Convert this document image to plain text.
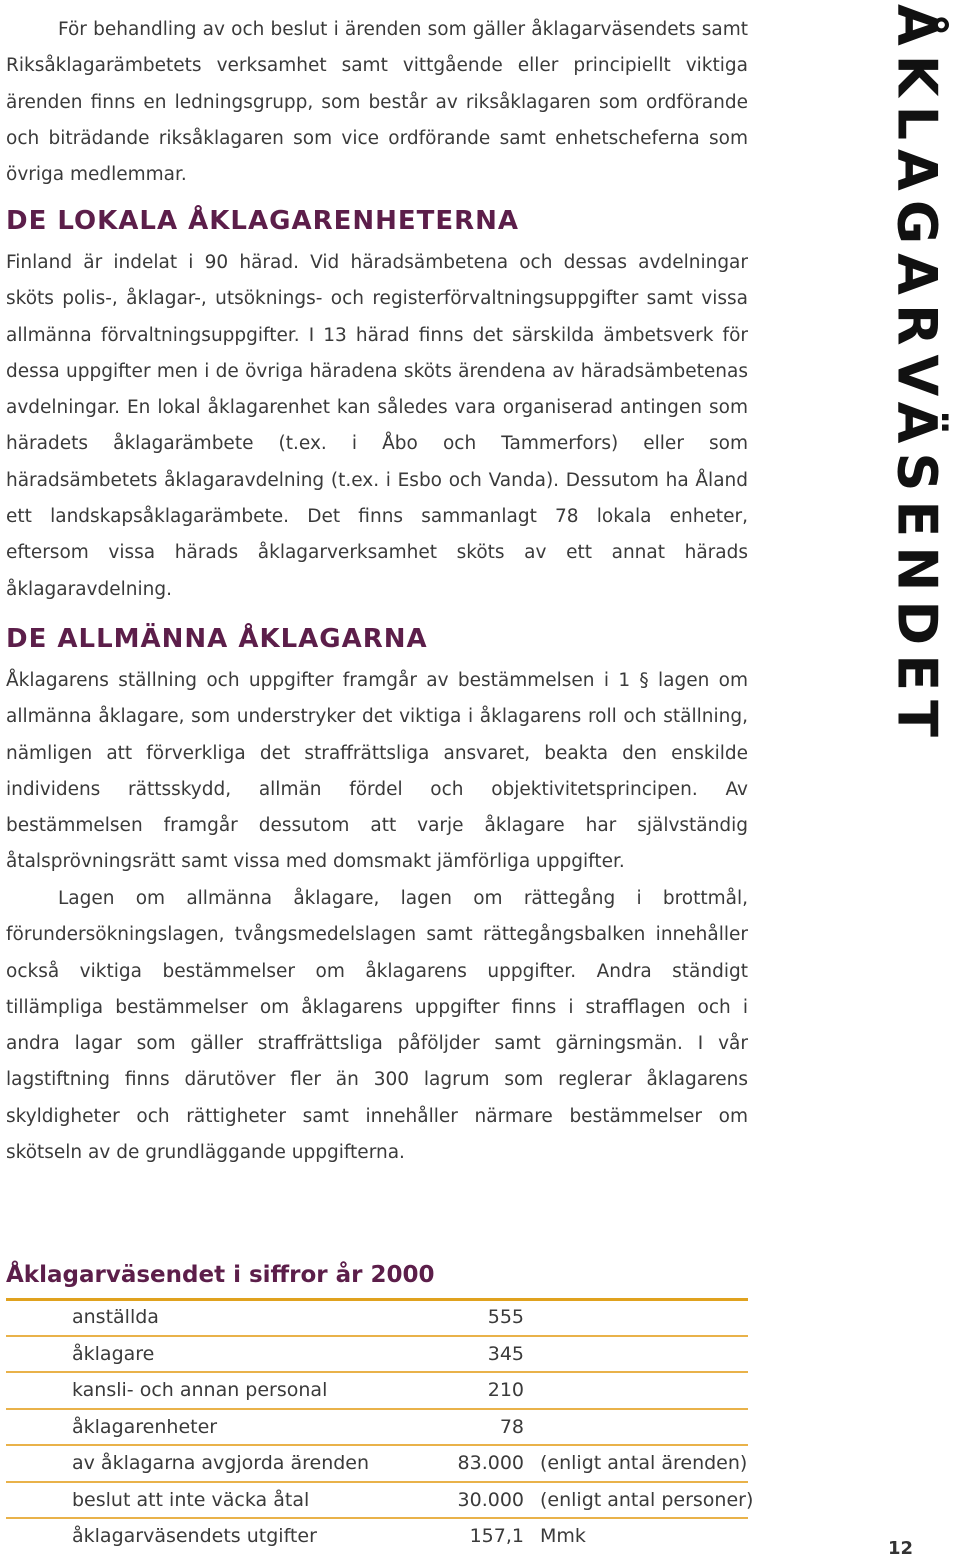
ÅKLAGARVÄSENDET

För behandling av och beslut i ärenden som gäller åklagarväsendets samt Riksåklagarämbetets verksamhet samt vittgående eller principiellt viktiga ärenden finns en ledningsgrupp, som består av riksåklagaren som ordförande och biträdande riksåklagaren som vice ordförande samt enhetscheferna som övriga medlemmar.

DE LOKALA ÅKLAGARENHETERNA

Finland är indelat i 90 härad. Vid häradsämbetena och dessas avdelningar sköts polis-, åklagar-, utsöknings- och registerförvaltningsuppgifter samt vissa allmänna förvaltningsuppgifter. I 13 härad finns det särskilda ämbetsverk för dessa uppgifter men i de övriga häradena sköts ärendena av häradsämbetenas avdelningar. En lokal åklagarenhet kan således vara organiserad antingen som häradets åklagarämbete (t.ex. i Åbo och Tammerfors) eller som häradsämbetets åklagaravdelning (t.ex. i Esbo och Vanda). Dessutom ha Åland ett landskapsåklagarämbete. Det finns sammanlagt 78 lokala enheter, eftersom vissa härads åklagarverksamhet sköts av ett annat härads åklagaravdelning.

DE ALLMÄNNA ÅKLAGARNA

Åklagarens ställning och uppgifter framgår av bestämmelsen i 1 § lagen om allmänna åklagare, som understryker det viktiga i åklagarens roll och ställning, nämligen att förverkliga det straffrättsliga ansvaret, beakta den enskilde individens rättsskydd, allmän fördel och objektivitetsprincipen. Av bestämmelsen framgår dessutom att varje åklagare har självständig åtalsprövningsrätt samt vissa med domsmakt jämförliga uppgifter.

Lagen om allmänna åklagare, lagen om rättegång i brottmål, förundersökningslagen, tvångsmedelslagen samt rättegångsbalken innehåller också viktiga bestämmelser om åklagarens uppgifter. Andra ständigt tillämpliga bestämmelser om åklagarens uppgifter finns i strafflagen och i andra lagar som gäller straffrättsliga påföljder samt gärningsmän. I vår lagstiftning finns därutöver fler än 300 lagrum som reglerar åklagarens skyldigheter och rättigheter samt innehåller närmare bestämmelser om skötseln av de grundläggande uppgifterna.

Åklagarväsendet i siffror år 2000
anställda	555
åklagare	345
kansli- och annan personal	210
åklagarenheter	78
av åklagarna avgjorda ärenden	83.000 (enligt antal ärenden)
beslut att inte väcka åtal	30.000 (enligt antal personer)
åklagarväsendets utgifter	157,1 Mmk
12
